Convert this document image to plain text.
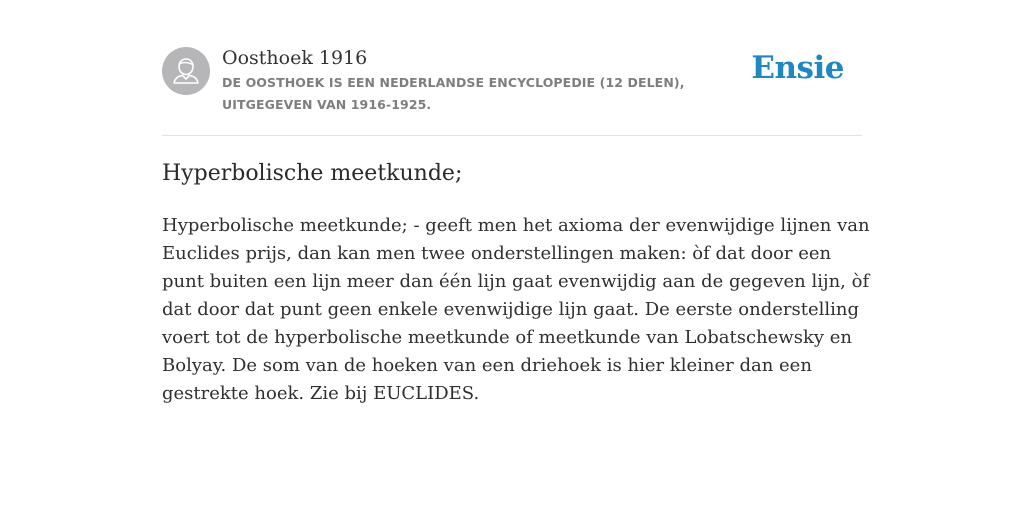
Oosthoek 1916
DE OOSTHOEK IS EEN NEDERLANDSE ENCYCLOPEDIE (12 DELEN), UITGEGEVEN VAN 1916-1925.
Ensie
Hyperbolische meetkunde;

Hyperbolische meetkunde; - geeft men het axioma der evenwijdige lijnen van Euclides prijs, dan kan men twee onderstellingen maken: òf dat door een punt buiten een lijn meer dan één lijn gaat evenwijdig aan de gegeven lijn, òf dat door dat punt geen enkele evenwijdige lijn gaat. De eerste onderstelling voert tot de hyperbolische meetkunde of meetkunde van Lobatschewsky en Bolyay. De som van de hoeken van een driehoek is hier kleiner dan een gestrekte hoek. Zie bij EUCLIDES.
